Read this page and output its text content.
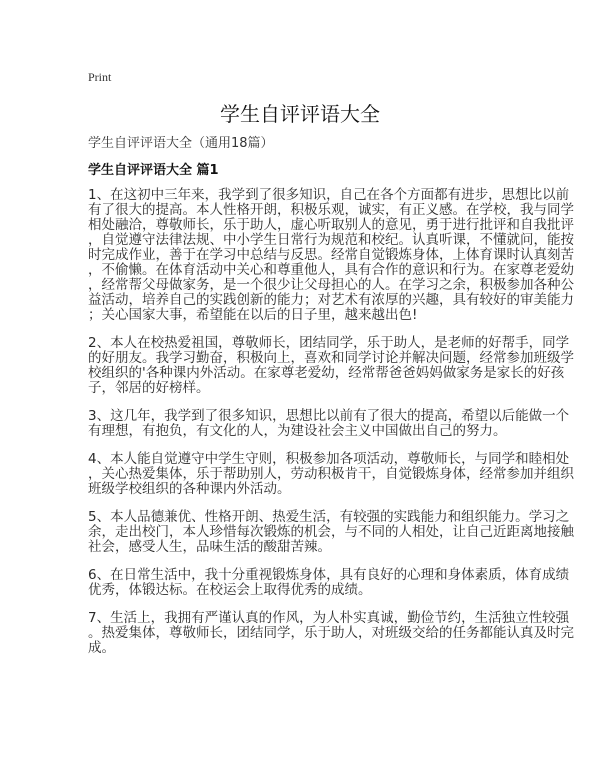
Print
学生自评评语大全
学生自评评语大全（通用18篇）
学生自评评语大全 篇1
1、在这初中三年来，我学到了很多知识，自己在各个方面都有进步，思想比以前
有了很大的提高。本人性格开朗，积极乐观，诚实，有正义感。在学校，我与同学
相处融洽，尊敬师长，乐于助人，虚心听取别人的意见，勇于进行批评和自我批评
，自觉遵守法律法规、中小学生日常行为规范和校纪。认真听课，不懂就问，能按
时完成作业，善于在学习中总结与反思。经常自觉锻炼身体，上体育课时认真刻苦
，不偷懒。在体育活动中关心和尊重他人，具有合作的意识和行为。在家尊老爱幼
，经常帮父母做家务，是一个很少让父母担心的人。在学习之余，积极参加各种公
益活动，培养自己的实践创新的能力；对艺术有浓厚的兴趣，具有较好的审美能力
；关心国家大事，希望能在以后的日子里，越来越出色!
2、本人在校热爱祖国，尊敬师长，团结同学，乐于助人，是老师的好帮手，同学
的好朋友。我学习勤奋，积极向上，喜欢和同学讨论并解决问题，经常参加班级学
校组织的'各种课内外活动。在家尊老爱幼，经常帮爸爸妈妈做家务是家长的好孩
子，邻居的好榜样。
3、这几年，我学到了很多知识，思想比以前有了很大的提高，希望以后能做一个
有理想，有抱负，有文化的人，为建设社会主义中国做出自己的努力。
4、本人能自觉遵守中学生守则，积极参加各项活动，尊敬师长，与同学和睦相处
，关心热爱集体，乐于帮助别人，劳动积极肯干，自觉锻炼身体，经常参加并组织
班级学校组织的各种课内外活动。
5、本人品德兼优、性格开朗、热爱生活，有较强的实践能力和组织能力。学习之
余，走出校门，本人珍惜每次锻炼的机会，与不同的人相处，让自己近距离地接触
社会，感受人生，品味生活的酸甜苦辣。
6、在日常生活中，我十分重视锻炼身体，具有良好的心理和身体素质，体育成绩
优秀，体锻达标。在校运会上取得优秀的成绩。
7、生活上，我拥有严谨认真的作风，为人朴实真诚，勤俭节约，生活独立性较强
。热爱集体，尊敬师长，团结同学，乐于助人，对班级交给的任务都能认真及时完
成。
